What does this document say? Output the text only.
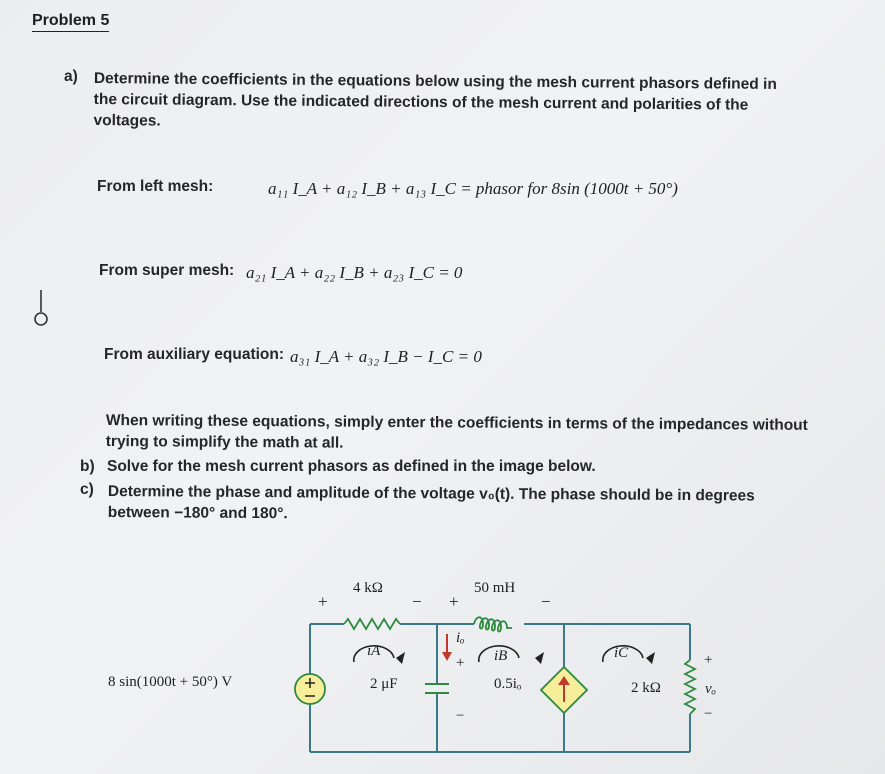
Problem 5
a) Determine the coefficients in the equations below using the mesh current phasors defined in
the circuit diagram. Use the indicated directions of the mesh current and polarities of the
voltages.
From left mesh:	a₁₁ I_A + a₁₂ I_B + a₁₃ I_C = phasor for 8sin (1000t + 50°)
From super mesh: a₂₁ I_A + a₂₂ I_B + a₂₃ I_C = 0
From auxiliary equation: a₃₁ I_A + a₃₂ I_B − I_C = 0
When writing these equations, simply enter the coefficients in terms of the impedances without
trying to simplify the math at all.
b) Solve for the mesh current phasors as defined in the image below.
c) Determine the phase and amplitude of the voltage v₀(t). The phase should be in degrees
between −180° and 180°.
8 sin(1000t + 50°) V
4 kΩ
+	−
50 mH
+	−
2 μF	0.5iₒ	2 kΩ
iA	iB	iC
iₒ
+
−
+
vₒ
−
